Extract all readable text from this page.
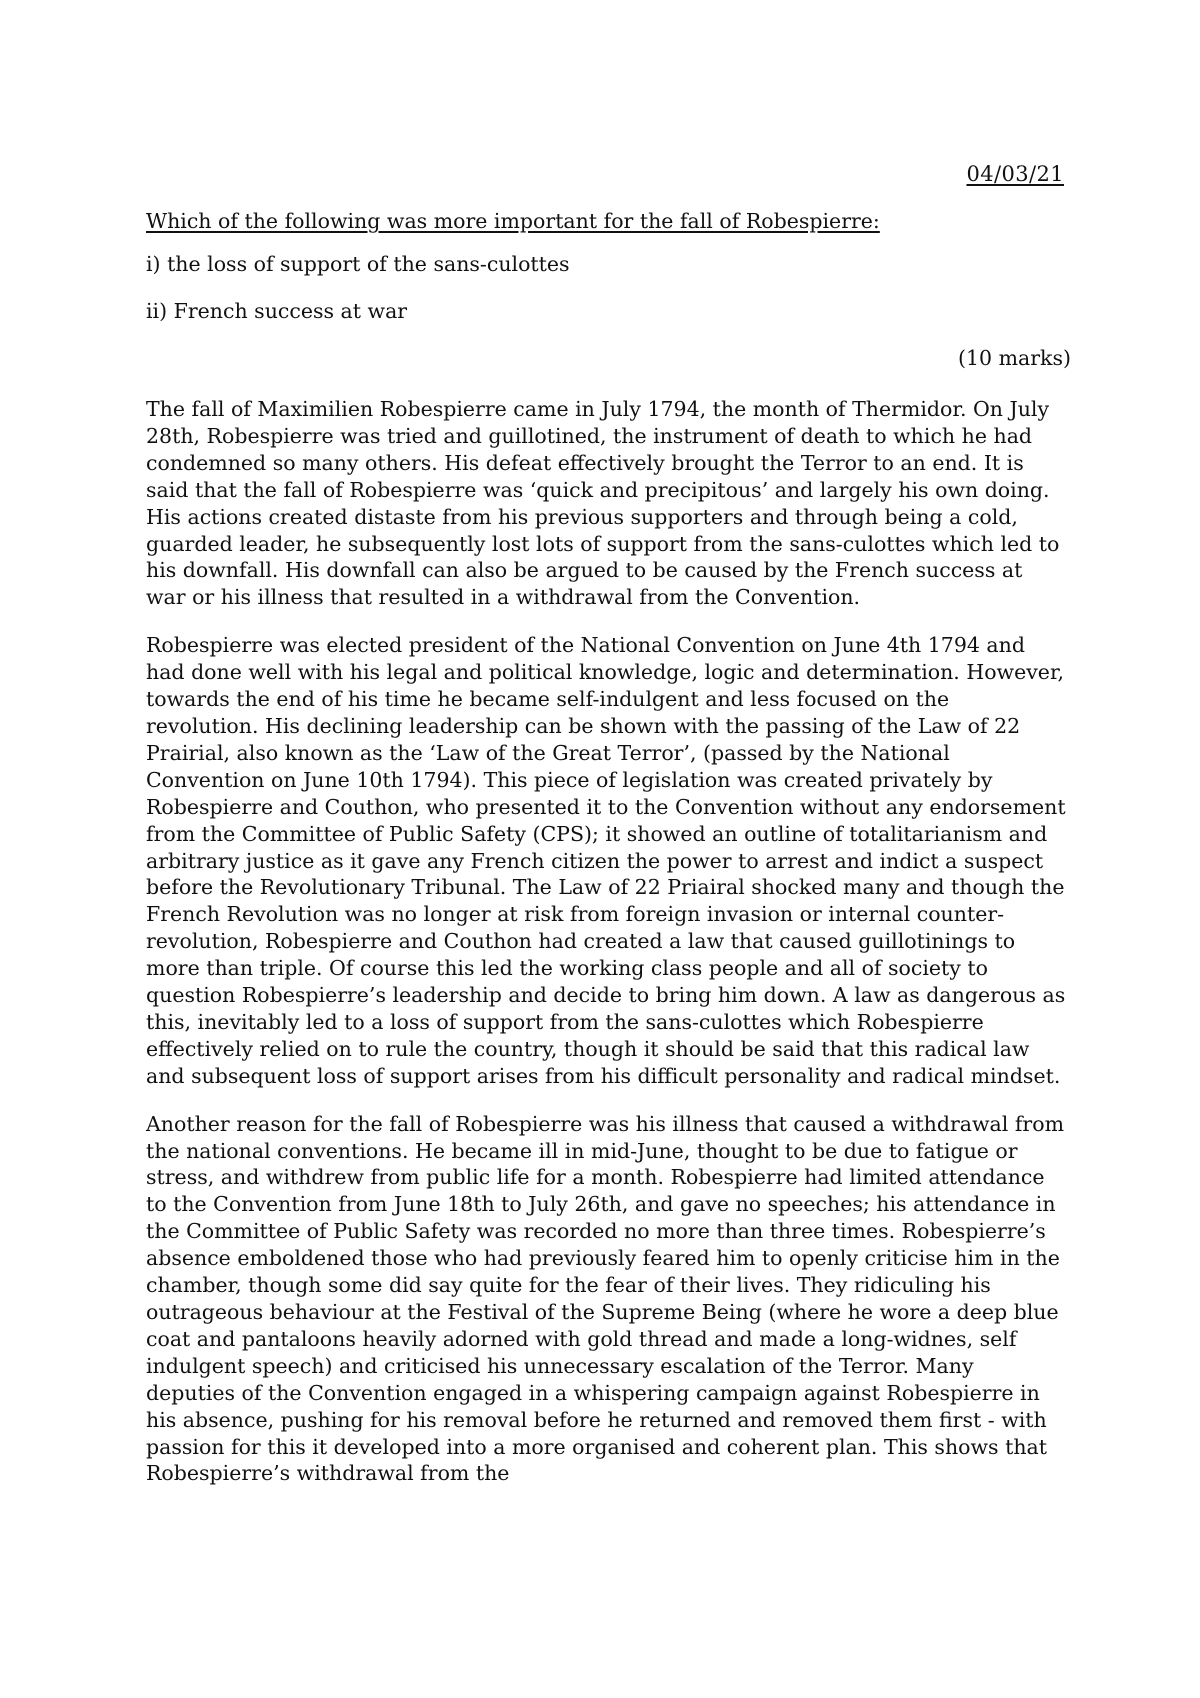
04/03/21
Which of the following was more important for the fall of Robespierre:
i) the loss of support of the sans-culottes
ii) French success at war
(10 marks)

The fall of Maximilien Robespierre came in July 1794, the month of Thermidor. On July 28th, Robespierre was tried and guillotined, the instrument of death to which he had condemned so many others. His defeat effectively brought the Terror to an end. It is said that the fall of Robespierre was ‘quick and precipitous’ and largely his own doing. His actions created distaste from his previous supporters and through being a cold, guarded leader, he subsequently lost lots of support from the sans-culottes which led to his downfall. His downfall can also be argued to be caused by the French success at war or his illness that resulted in a withdrawal from the Convention.

Robespierre was elected president of the National Convention on June 4th 1794 and had done well with his legal and political knowledge, logic and determination. However, towards the end of his time he became self-indulgent and less focused on the revolution. His declining leadership can be shown with the passing of the Law of 22 Prairial, also known as the ‘Law of the Great Terror’, (passed by the National Convention on June 10th 1794). This piece of legislation was created privately by Robespierre and Couthon, who presented it to the Convention without any endorsement from the Committee of Public Safety (CPS); it showed an outline of totalitarianism and arbitrary justice as it gave any French citizen the power to arrest and indict a suspect before the Revolutionary Tribunal. The Law of 22 Priairal shocked many and though the French Revolution was no longer at risk from foreign invasion or internal counter-revolution, Robespierre and Couthon had created a law that caused guillotinings to more than triple. Of course this led the working class people and all of society to question Robespierre’s leadership and decide to bring him down. A law as dangerous as this, inevitably led to a loss of support from the sans-culottes which Robespierre effectively relied on to rule the country, though it should be said that this radical law and subsequent loss of support arises from his difficult personality and radical mindset.

Another reason for the fall of Robespierre was his illness that caused a withdrawal from the national conventions. He became ill in mid-June, thought to be due to fatigue or stress, and withdrew from public life for a month. Robespierre had limited attendance to the Convention from June 18th to July 26th, and gave no speeches; his attendance in the Committee of Public Safety was recorded no more than three times. Robespierre’s absence emboldened those who had previously feared him to openly criticise him in the chamber, though some did say quite for the fear of their lives. They ridiculing his outrageous behaviour at the Festival of the Supreme Being (where he wore a deep blue coat and pantaloons heavily adorned with gold thread and made a long-widnes, self indulgent speech) and criticised his unnecessary escalation of the Terror. Many deputies of the Convention engaged in a whispering campaign against Robespierre in his absence, pushing for his removal before he returned and removed them first - with passion for this it developed into a more organised and coherent plan. This shows that Robespierre’s withdrawal from the
